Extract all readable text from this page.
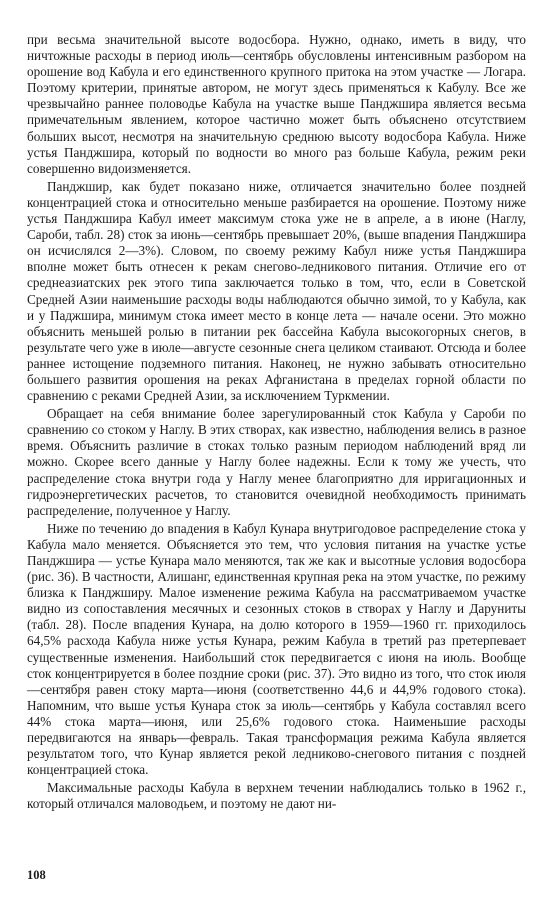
при весьма значительной высоте водосбора. Нужно, однако, иметь в виду, что ничтожные расходы в период июль—сентябрь обусловлены интенсивным разбором на орошение вод Кабула и его единственного крупного притока на этом участке — Логара. Поэтому критерии, принятые автором, не могут здесь применяться к Кабулу. Все же чрезвычайно раннее половодье Кабула на участке выше Панджшира является весьма примечательным явлением, которое частично может быть объяснено отсутствием больших высот, несмотря на значительную среднюю высоту водосбора Кабула. Ниже устья Панджшира, который по водности во много раз больше Кабула, режим реки совершенно видоизменяется.

Панджшир, как будет показано ниже, отличается значительно более поздней концентрацией стока и относительно меньше разбирается на орошение. Поэтому ниже устья Панджшира Кабул имеет максимум стока уже не в апреле, а в июне (Наглу, Сароби, табл. 28) сток за июнь—сентябрь превышает 20%, (выше впадения Панджшира он исчислялся 2—3%). Словом, по своему режиму Кабул ниже устья Панджшира вполне может быть отнесен к рекам снегово-ледникового питания. Отличие его от среднеазиатских рек этого типа заключается только в том, что, если в Советской Средней Азии наименьшие расходы воды наблюдаются обычно зимой, то у Кабула, как и у Паджшира, минимум стока имеет место в конце лета — начале осени. Это можно объяснить меньшей ролью в питании рек бассейна Кабула высокогорных снегов, в результате чего уже в июле—августе сезонные снега целиком стаивают. Отсюда и более раннее истощение подземного питания. Наконец, не нужно забывать относительно большего развития орошения на реках Афганистана в пределах горной области по сравнению с реками Средней Азии, за исключением Туркмении.

Обращает на себя внимание более зарегулированный сток Кабула у Сароби по сравнению со стоком у Наглу. В этих створах, как известно, наблюдения велись в разное время. Объяснить различие в стоках только разным периодом наблюдений вряд ли можно. Скорее всего данные у Наглу более надежны. Если к тому же учесть, что распределение стока внутри года у Наглу менее благоприятно для ирригационных и гидроэнергетических расчетов, то становится очевидной необходимость принимать распределение, полученное у Наглу.

Ниже по течению до впадения в Кабул Кунара внутригодовое распределение стока у Кабула мало меняется. Объясняется это тем, что условия питания на участке устье Панджшира — устье Кунара мало меняются, так же как и высотные условия водосбора (рис. 36). В частности, Алишанг, единственная крупная река на этом участке, по режиму близка к Панджширу. Малое изменение режима Кабула на рассматриваемом участке видно из сопоставления месячных и сезонных стоков в створах у Наглу и Даруниты (табл. 28). После впадения Кунара, на долю которого в 1959—1960 гг. приходилось 64,5% расхода Кабула ниже устья Кунара, режим Кабула в третий раз претерпевает существенные изменения. Наибольший сток передвигается с июня на июль. Вообще сток концентрируется в более поздние сроки (рис. 37). Это видно из того, что сток июля—сентября равен стоку марта—июня (соответственно 44,6 и 44,9% годового стока). Напомним, что выше устья Кунара сток за июль—сентябрь у Кабула составлял всего 44% стока марта—июня, или 25,6% годового стока. Наименьшие расходы передвигаются на январь—февраль. Такая трансформация режима Кабула является результатом того, что Кунар является рекой ледниково-снегового питания с поздней концентрацией стока.

Максимальные расходы Кабула в верхнем течении наблюдались только в 1962 г., который отличался маловодьем, и поэтому не дают ни-

108
